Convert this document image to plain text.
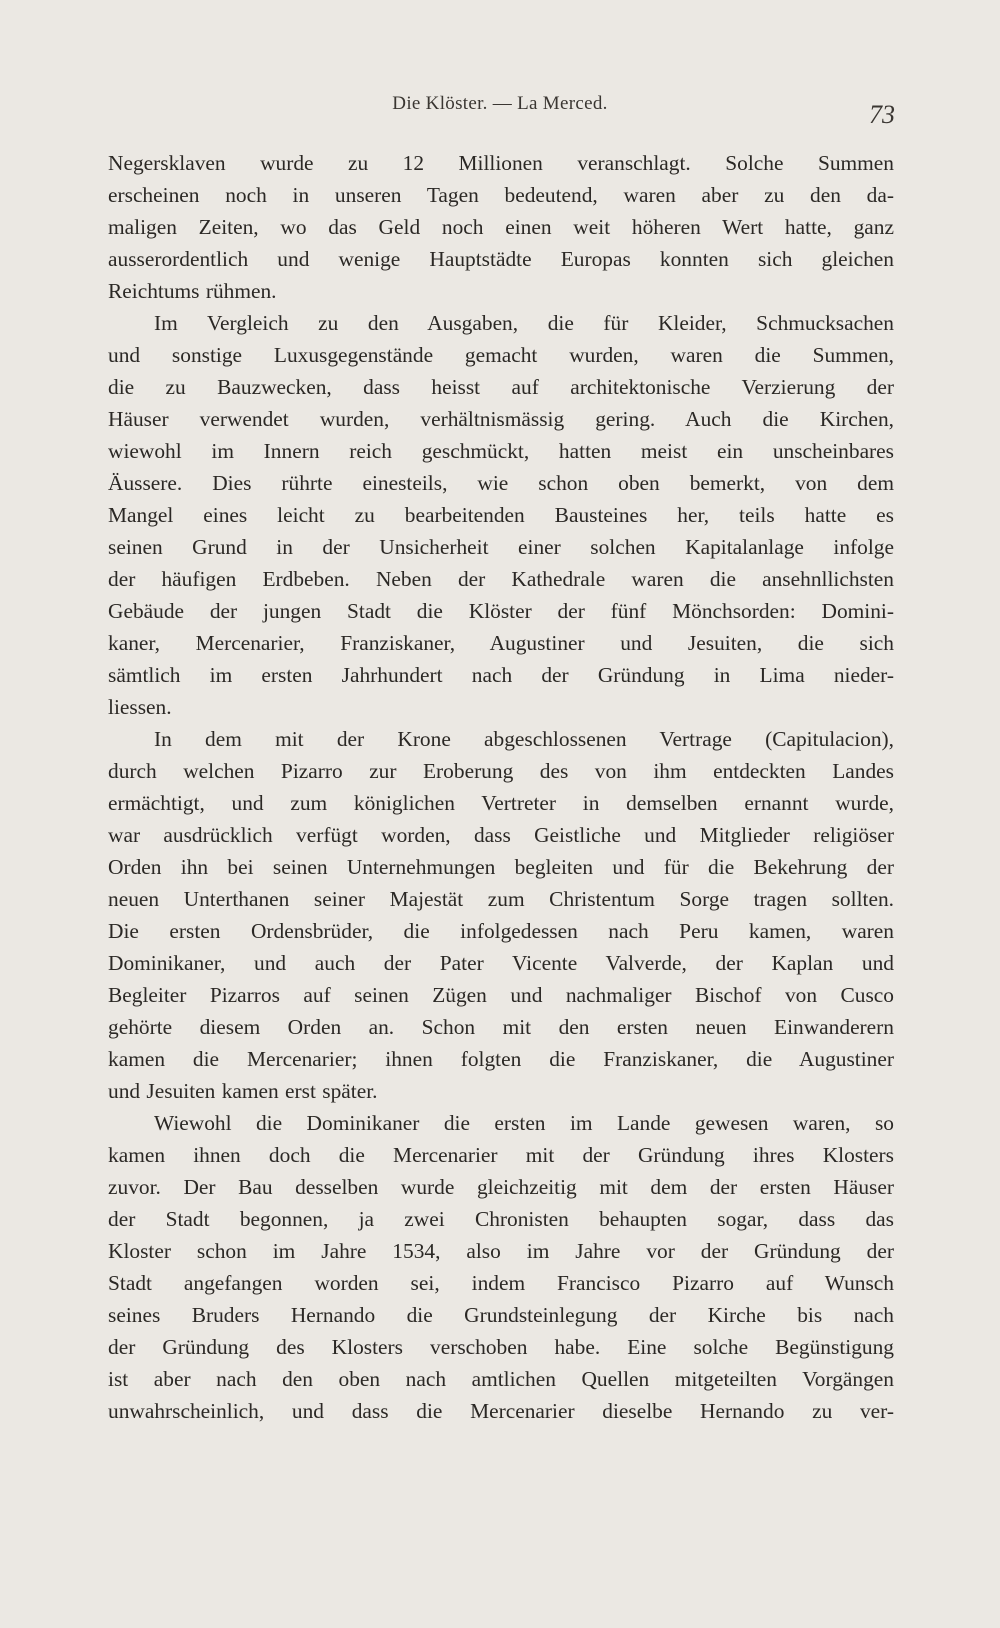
Die Klöster. — La Merced.	73
Negersklaven wurde zu 12 Millionen veranschlagt. Solche Summen
erscheinen noch in unseren Tagen bedeutend, waren aber zu den da-
maligen Zeiten, wo das Geld noch einen weit höheren Wert hatte, ganz
ausserordentlich und wenige Hauptstädte Europas konnten sich gleichen
Reichtums rühmen.
Im Vergleich zu den Ausgaben, die für Kleider, Schmucksachen
und sonstige Luxusgegenstände gemacht wurden, waren die Summen,
die zu Bauzwecken, dass heisst auf architektonische Verzierung der
Häuser verwendet wurden, verhältnismässig gering. Auch die Kirchen,
wiewohl im Innern reich geschmückt, hatten meist ein unscheinbares
Äussere. Dies rührte einesteils, wie schon oben bemerkt, von dem
Mangel eines leicht zu bearbeitenden Bausteines her, teils hatte es
seinen Grund in der Unsicherheit einer solchen Kapitalanlage infolge
der häufigen Erdbeben. Neben der Kathedrale waren die ansehnllichsten
Gebäude der jungen Stadt die Klöster der fünf Mönchsorden: Domini-
kaner, Mercenarier, Franziskaner, Augustiner und Jesuiten, die sich
sämtlich im ersten Jahrhundert nach der Gründung in Lima nieder-
liessen.
In dem mit der Krone abgeschlossenen Vertrage (Capitulacion),
durch welchen Pizarro zur Eroberung des von ihm entdeckten Landes
ermächtigt, und zum königlichen Vertreter in demselben ernannt wurde,
war ausdrücklich verfügt worden, dass Geistliche und Mitglieder religiöser
Orden ihn bei seinen Unternehmungen begleiten und für die Bekehrung der
neuen Unterthanen seiner Majestät zum Christentum Sorge tragen sollten.
Die ersten Ordensbrüder, die infolgedessen nach Peru kamen, waren
Dominikaner, und auch der Pater Vicente Valverde, der Kaplan und
Begleiter Pizarros auf seinen Zügen und nachmaliger Bischof von Cusco
gehörte diesem Orden an. Schon mit den ersten neuen Einwanderern
kamen die Mercenarier; ihnen folgten die Franziskaner, die Augustiner
und Jesuiten kamen erst später.
Wiewohl die Dominikaner die ersten im Lande gewesen waren, so
kamen ihnen doch die Mercenarier mit der Gründung ihres Klosters
zuvor. Der Bau desselben wurde gleichzeitig mit dem der ersten Häuser
der Stadt begonnen, ja zwei Chronisten behaupten sogar, dass das
Kloster schon im Jahre 1534, also im Jahre vor der Gründung der
Stadt angefangen worden sei, indem Francisco Pizarro auf Wunsch
seines Bruders Hernando die Grundsteinlegung der Kirche bis nach
der Gründung des Klosters verschoben habe. Eine solche Begünstigung
ist aber nach den oben nach amtlichen Quellen mitgeteilten Vorgängen
unwahrscheinlich, und dass die Mercenarier dieselbe Hernando zu ver-
